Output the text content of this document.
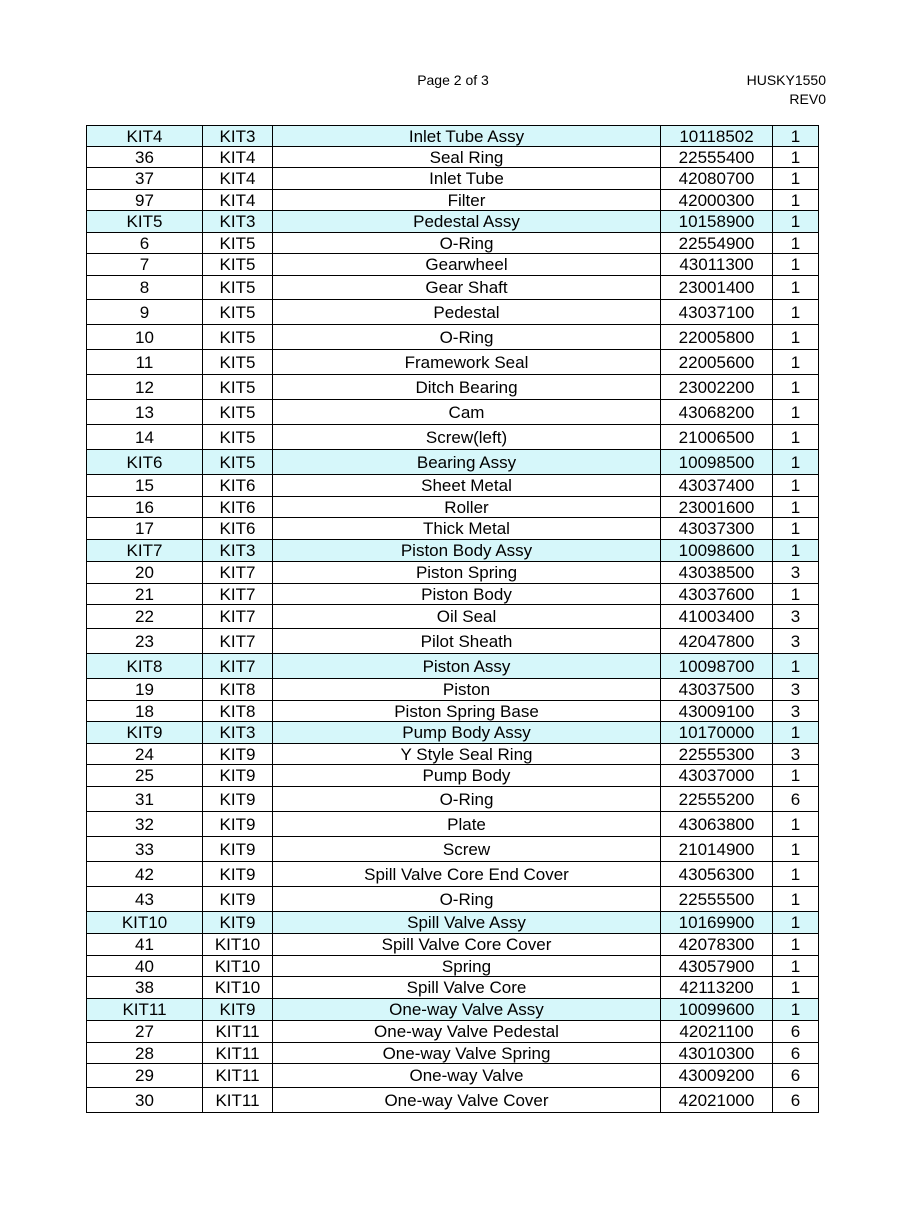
Page 2 of 3	HUSKY1550
REV0
KIT4	KIT3	Inlet Tube Assy	10118502	1
36	KIT4	Seal Ring	22555400	1
37	KIT4	Inlet Tube	42080700	1
97	KIT4	Filter	42000300	1
KIT5	KIT3	Pedestal Assy	10158900	1
6	KIT5	O-Ring	22554900	1
7	KIT5	Gearwheel	43011300	1
8	KIT5	Gear Shaft	23001400	1
9	KIT5	Pedestal	43037100	1
10	KIT5	O-Ring	22005800	1
11	KIT5	Framework Seal	22005600	1
12	KIT5	Ditch Bearing	23002200	1
13	KIT5	Cam	43068200	1
14	KIT5	Screw(left)	21006500	1
KIT6	KIT5	Bearing Assy	10098500	1
15	KIT6	Sheet Metal	43037400	1
16	KIT6	Roller	23001600	1
17	KIT6	Thick Metal	43037300	1
KIT7	KIT3	Piston Body Assy	10098600	1
20	KIT7	Piston Spring	43038500	3
21	KIT7	Piston Body	43037600	1
22	KIT7	Oil Seal	41003400	3
23	KIT7	Pilot Sheath	42047800	3
KIT8	KIT7	Piston Assy	10098700	1
19	KIT8	Piston	43037500	3
18	KIT8	Piston Spring Base	43009100	3
KIT9	KIT3	Pump Body Assy	10170000	1
24	KIT9	Y Style Seal Ring	22555300	3
25	KIT9	Pump Body	43037000	1
31	KIT9	O-Ring	22555200	6
32	KIT9	Plate	43063800	1
33	KIT9	Screw	21014900	1
42	KIT9	Spill Valve Core End Cover	43056300	1
43	KIT9	O-Ring	22555500	1
KIT10	KIT9	Spill Valve Assy	10169900	1
41	KIT10	Spill Valve Core Cover	42078300	1
40	KIT10	Spring	43057900	1
38	KIT10	Spill Valve Core	42113200	1
KIT11	KIT9	One-way Valve Assy	10099600	1
27	KIT11	One-way Valve Pedestal	42021100	6
28	KIT11	One-way Valve Spring	43010300	6
29	KIT11	One-way Valve	43009200	6
30	KIT11	One-way Valve Cover	42021000	6
